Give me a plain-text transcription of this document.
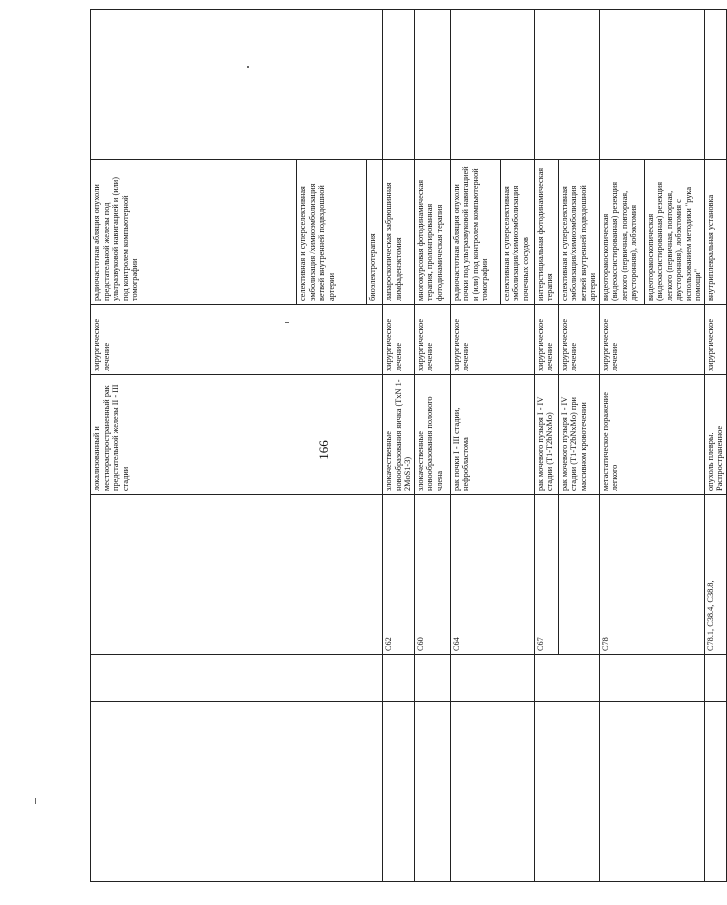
166
			локализованный и местнораспространенный рак предстательной железы II - III стадии	хирургическое лечение	радиочастотная абляция опухоли предстательной железы под ультразвуковой навигацией и (или) под контролем компьютерной томографии	
					селективная и суперселективная эмболизация /химиоэмболизация ветвей внутренней подвздошной артерии	
					биоэлектротерапия	
		C62	злокачественные новообразования яичка (TxN 1-2MoS1-3)	хирургическое лечение	лапароскопическая забрюшинная лимфаденэктомия	
		C60	злокачественные новообразования полового члена	хирургическое лечение	многокурсовая фотодинамическая терапия, пролонгированная фотодинамическая терапия	
		C64	рак почки I - III стадии, нефробластома	хирургическое лечение	радиочастотная абляция опухоли почки под ультразвуковой навигацией и (или) под контролем компьютерной томографии	
					селективная и суперселективная эмболизация/химиоэмболизация почечных сосудов	
		C67	рак мочевого пузыря I - IV стадии (T1-T2bNxMo)	хирургическое лечение	интерстициальная фотодинамическая терапия	
			рак мочевого пузыря I - IV стадии (T1-T2bNxMo) при массивном кровотечении	хирургическое лечение	селективная и суперселективная эмболизация/химиоэмболизация ветвей внутренней подвздошной артерии	
		C78	метастатическое поражение легкого	хирургическое лечение	видеоторакоскопическая (видеоассистированная) резекция легкого (первичная, повторная, двусторонняя), лобэктомия	
					видеоторакоскопическая (видеоассистированная) резекция легкого (первичная, повторная, двусторонняя), лобэктомия с использованием методики "рука помощи"	
		C78.1, C38.4, C38.8,	опухоль плевры. Распространенное	хирургическое	внутриплевральная установка	
